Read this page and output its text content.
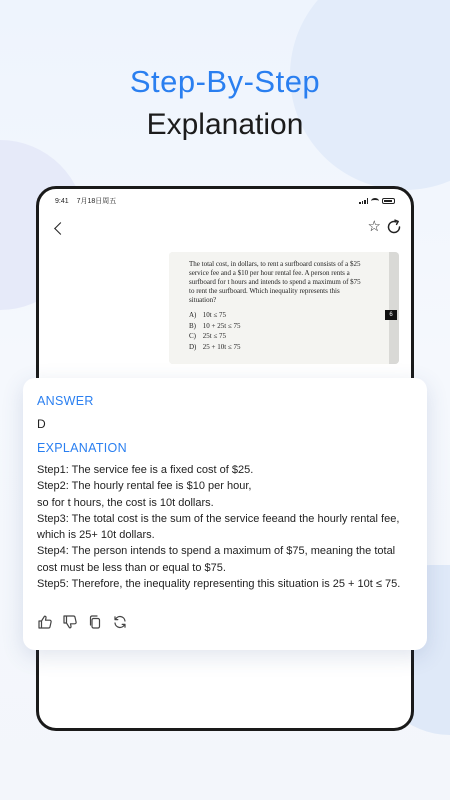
Step-By-Step
Explanation
9:41 7月18日周五
☆
The total cost, in dollars, to rent a surfboard consists of a $25 service fee and a $10 per hour rental fee. A person rents a surfboard for t hours and intends to spend a maximum of $75 to rent the surfboard. Which inequality represents this situation?
A) 10t ≤ 75
B) 10 + 25t ≤ 75
C) 25t ≤ 75
D) 25 + 10t ≤ 75
6
ANSWER
D
EXPLANATION
Step1: The service fee is a fixed cost of $25.
Step2: The hourly rental fee is $10 per hour,
so for t hours, the cost is 10t dollars.
Step3: The total cost is the sum of the service feeand the hourly rental fee, which is 25+ 10t dollars.
Step4: The person intends to spend a maximum of $75, meaning the total cost must be less than or equal to $75.
Step5: Therefore, the inequality representing this situation is 25 + 10t ≤ 75.
